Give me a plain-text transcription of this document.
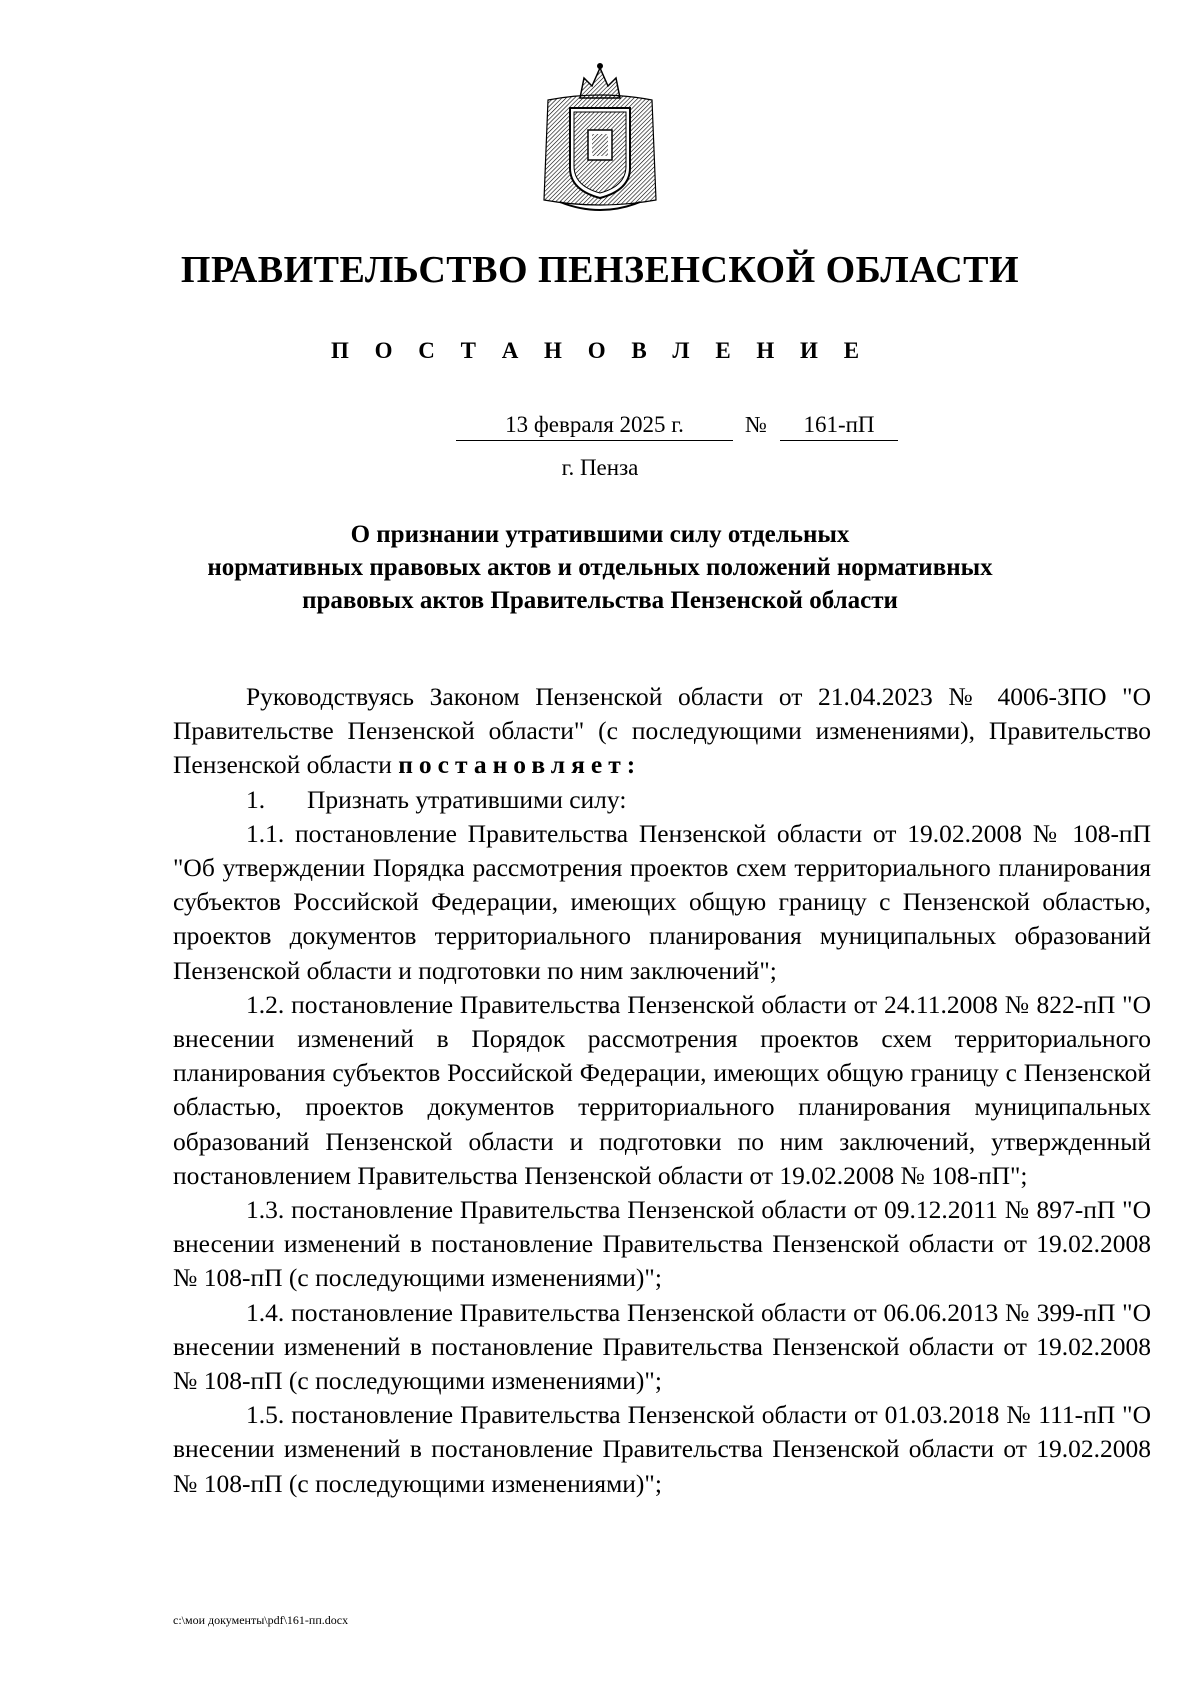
ПРАВИТЕЛЬСТВО ПЕНЗЕНСКОЙ ОБЛАСТИ
П О С Т А Н О В Л Е Н И Е
13 февраля 2025 г.	№	161-пП
г. Пенза
О признании утратившими силу отдельных
нормативных правовых актов и отдельных положений нормативных
правовых актов Правительства Пензенской области

Руководствуясь Законом Пензенской области от 21.04.2023 № 4006-ЗПО "О Правительстве Пензенской области" (с последующими изменениями), Правительство Пензенской области постановляет:

1. Признать утратившими силу:

1.1. постановление Правительства Пензенской области от 19.02.2008 № 108-пП "Об утверждении Порядка рассмотрения проектов схем территориального планирования субъектов Российской Федерации, имеющих общую границу с Пензенской областью, проектов документов территориального планирования муниципальных образований Пензенской области и подготовки по ним заключений";

1.2. постановление Правительства Пензенской области от 24.11.2008 № 822-пП "О внесении изменений в Порядок рассмотрения проектов схем территориального планирования субъектов Российской Федерации, имеющих общую границу с Пензенской областью, проектов документов территориального планирования муниципальных образований Пензенской области и подготовки по ним заключений, утвержденный постановлением Правительства Пензенской области от 19.02.2008 № 108-пП";

1.3. постановление Правительства Пензенской области от 09.12.2011 № 897-пП "О внесении изменений в постановление Правительства Пензенской области от 19.02.2008 № 108-пП (с последующими изменениями)";

1.4. постановление Правительства Пензенской области от 06.06.2013 № 399-пП "О внесении изменений в постановление Правительства Пензенской области от 19.02.2008 № 108-пП (с последующими изменениями)";

1.5. постановление Правительства Пензенской области от 01.03.2018 № 111-пП "О внесении изменений в постановление Правительства Пензенской области от 19.02.2008 № 108-пП (с последующими изменениями)";

c:\мои документы\pdf\161-пп.docx
